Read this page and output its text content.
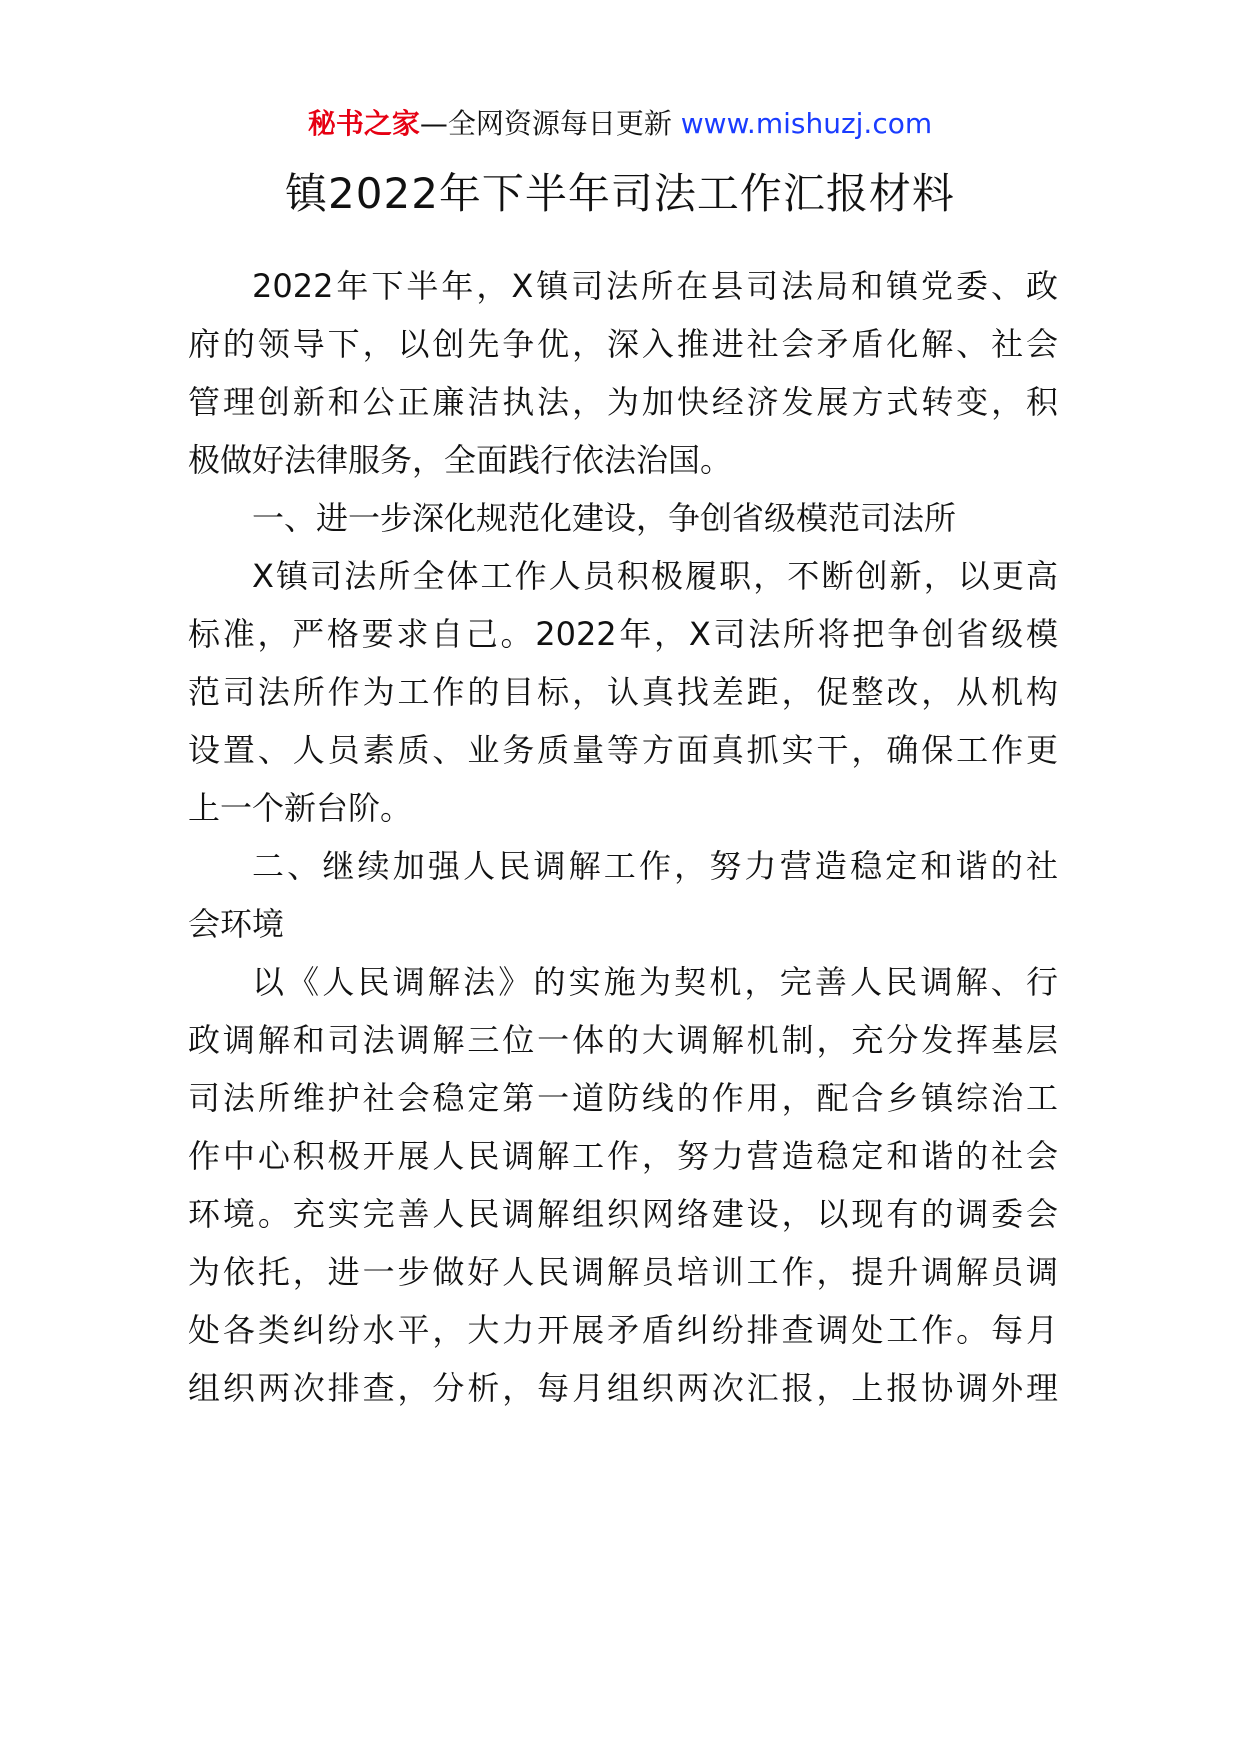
秘书之家—全网资源每日更新 www.mishuzj.com
镇2022年下半年司法工作汇报材料
2022年下半年，X镇司法所在县司法局和镇党委、政
府的领导下，以创先争优，深入推进社会矛盾化解、社会
管理创新和公正廉洁执法，为加快经济发展方式转变，积
极做好法律服务，全面践行依法治国。
一、进一步深化规范化建设，争创省级模范司法所
X镇司法所全体工作人员积极履职，不断创新，以更高
标准，严格要求自己。2022年，X司法所将把争创省级模
范司法所作为工作的目标，认真找差距，促整改，从机构
设置、人员素质、业务质量等方面真抓实干，确保工作更
上一个新台阶。
二、继续加强人民调解工作，努力营造稳定和谐的社
会环境
以《人民调解法》的实施为契机，完善人民调解、行
政调解和司法调解三位一体的大调解机制，充分发挥基层
司法所维护社会稳定第一道防线的作用，配合乡镇综治工
作中心积极开展人民调解工作，努力营造稳定和谐的社会
环境。充实完善人民调解组织网络建设，以现有的调委会
为依托，进一步做好人民调解员培训工作，提升调解员调
处各类纠纷水平，大力开展矛盾纠纷排查调处工作。每月
组织两次排查，分析，每月组织两次汇报，上报协调外理
